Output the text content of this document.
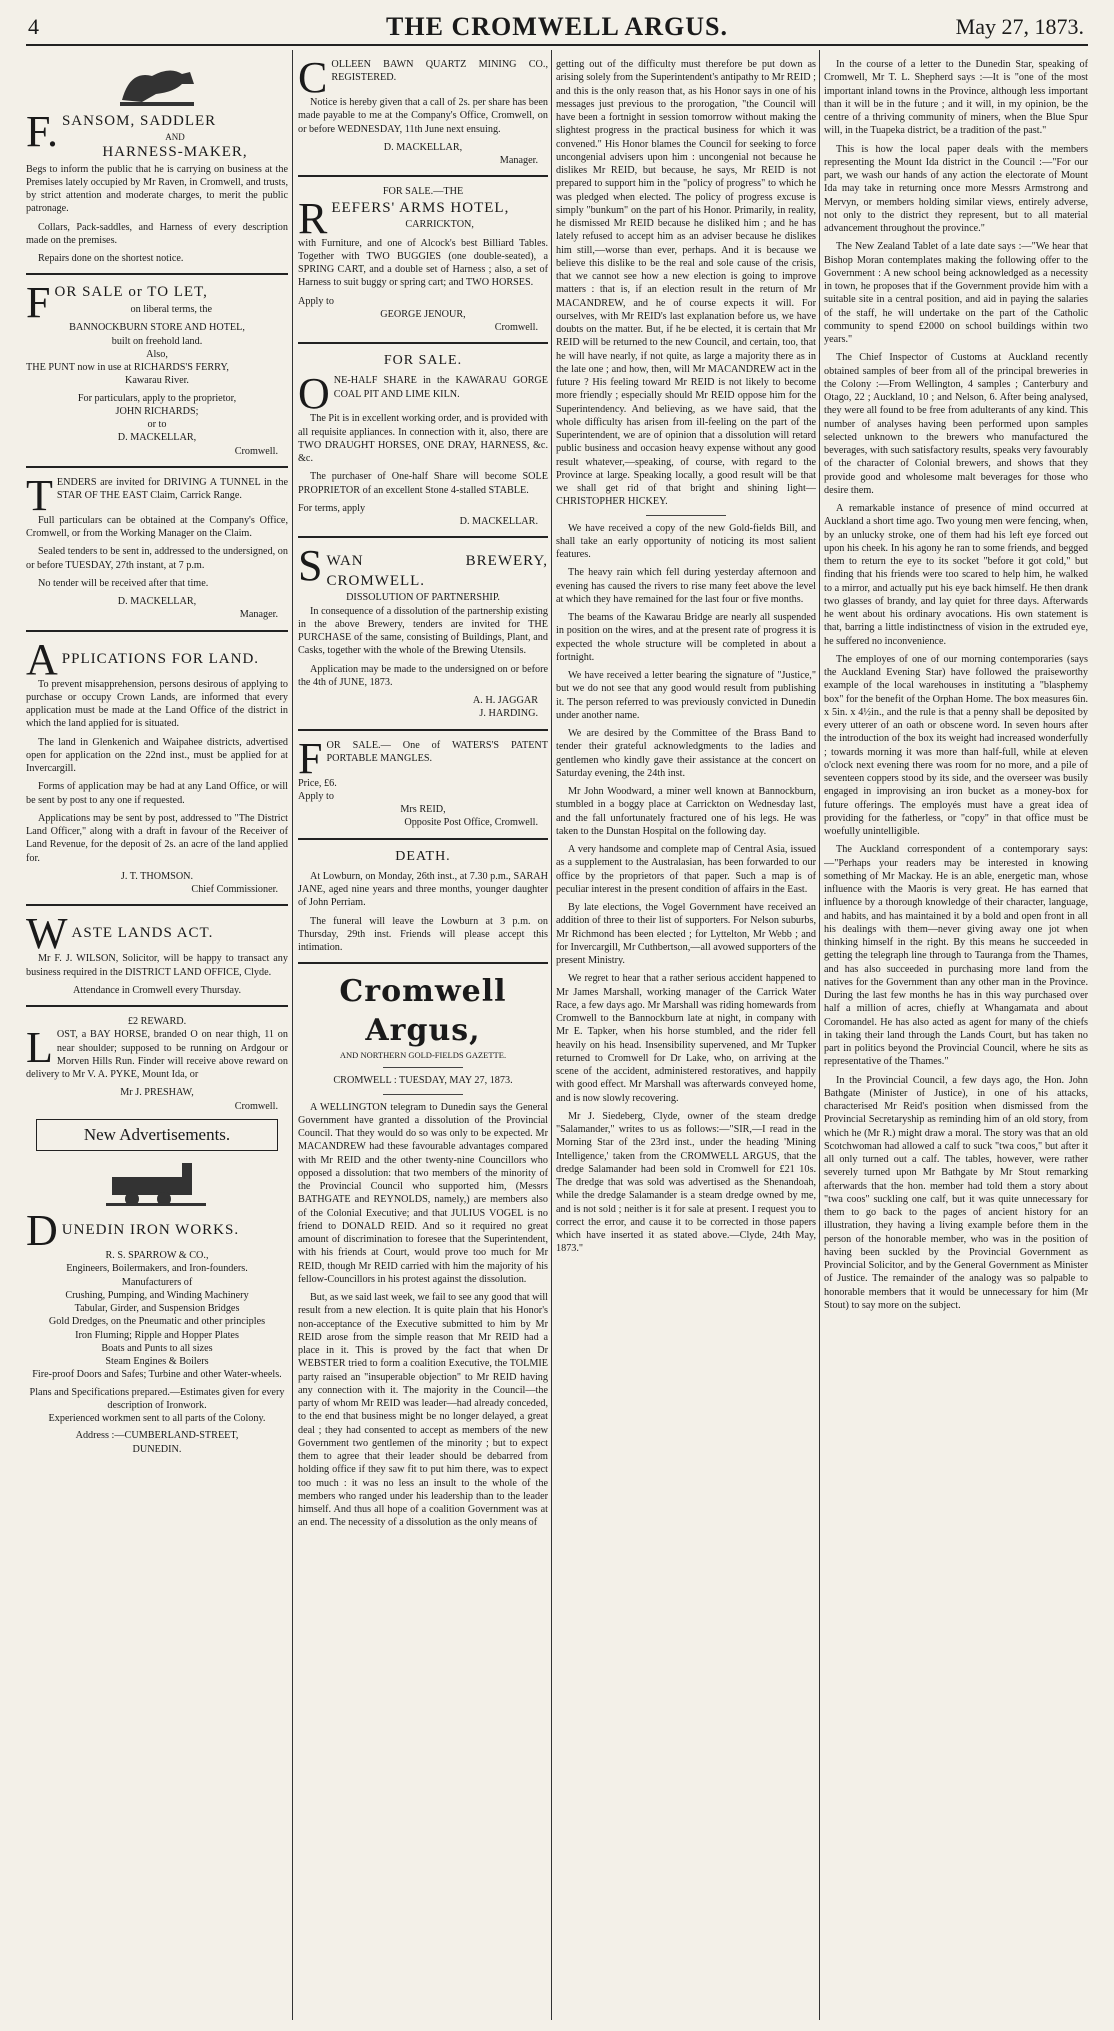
4	THE CROMWELL ARGUS.	May 27, 1873.
F. SANSOM, SADDLER
AND
HARNESS-MAKER,

Begs to inform the public that he is carrying on business at the Premises lately occupied by Mr Raven, in Cromwell, and trusts, by strict attention and moderate charges, to merit the public patronage.

Collars, Pack-saddles, and Harness of every description made on the premises.

Repairs done on the shortest notice.

F OR SALE or TO LET,
on liberal terms, the
BANNOCKBURN STORE AND HOTEL,
built on freehold land.
Also,
THE PUNT now in use at RICHARDS'S FERRY,
Kawarau River.
For particulars, apply to the proprietor,
JOHN RICHARDS;
or to
D. MACKELLAR,
Cromwell.
T ENDERS are invited for DRIVING A TUNNEL in the STAR OF THE EAST Claim, Carrick Range.

Full particulars can be obtained at the Company's Office, Cromwell, or from the Working Manager on the Claim.

Sealed tenders to be sent in, addressed to the undersigned, on or before TUESDAY, 27th instant, at 7 p.m.

No tender will be received after that time.

D. MACKELLAR,
Manager.
A PPLICATIONS FOR LAND.

To prevent misapprehension, persons desirous of applying to purchase or occupy Crown Lands, are informed that every application must be made at the Land Office of the district in which the land applied for is situated.

The land in Glenkenich and Waipahee districts, advertised open for application on the 22nd inst., must be applied for at Invercargill.

Forms of application may be had at any Land Office, or will be sent by post to any one if requested.

Applications may be sent by post, addressed to "The District Land Officer," along with a draft in favour of the Receiver of Land Revenue, for the deposit of 2s. an acre of the land applied for.

J. T. THOMSON.
Chief Commissioner.
W ASTE LANDS ACT.

Mr F. J. WILSON, Solicitor, will be happy to transact any business required in the DISTRICT LAND OFFICE, Clyde.

Attendance in Cromwell every Thursday.

£2 REWARD.
L OST, a BAY HORSE, branded O on near thigh, 11 on near shoulder; supposed to be running on Ardgour or Morven Hills Run. Finder will receive above reward on delivery to Mr V. A. PYKE, Mount Ida, or

Mr J. PRESHAW,
Cromwell.
New Advertisements.
D UNEDIN IRON WORKS.
R. S. SPARROW & CO.,
Engineers, Boilermakers, and Iron-founders.
Manufacturers of
Crushing, Pumping, and Winding Machinery
Tabular, Girder, and Suspension Bridges
Gold Dredges, on the Pneumatic and other principles
Iron Fluming; Ripple and Hopper Plates
Boats and Punts to all sizes
Steam Engines & Boilers
Fire-proof Doors and Safes; Turbine and other Water-wheels.
Plans and Specifications prepared.—Estimates given for every description of Ironwork.
Experienced workmen sent to all parts of the Colony.
Address :—CUMBERLAND-STREET,
DUNEDIN.
C OLLEEN BAWN QUARTZ MINING CO., REGISTERED.

Notice is hereby given that a call of 2s. per share has been made payable to me at the Company's Office, Cromwell, on or before WEDNESDAY, 11th June next ensuing.

D. MACKELLAR,
Manager.
FOR SALE.—THE
R EEFERS' ARMS HOTEL,
CARRICKTON,

with Furniture, and one of Alcock's best Billiard Tables. Together with TWO BUGGIES (one double-seated), a SPRING CART, and a double set of Harness ; also, a set of Harness to suit buggy or spring cart; and TWO HORSES.

Apply to
GEORGE JENOUR,
Cromwell.
FOR SALE.
O NE-HALF SHARE in the KAWARAU GORGE COAL PIT AND LIME KILN.

The Pit is in excellent working order, and is provided with all requisite appliances. In connection with it, also, there are TWO DRAUGHT HORSES, ONE DRAY, HARNESS, &c. &c.

The purchaser of One-half Share will become SOLE PROPRIETOR of an excellent Stone 4-stalled STABLE.

For terms, apply
D. MACKELLAR.
S WAN BREWERY, CROMWELL.
DISSOLUTION OF PARTNERSHIP.

In consequence of a dissolution of the partnership existing in the above Brewery, tenders are invited for THE PURCHASE of the same, consisting of Buildings, Plant, and Casks, together with the whole of the Brewing Utensils.

Application may be made to the undersigned on or before the 4th of JUNE, 1873.

A. H. JAGGAR
J. HARDING.
F OR SALE.— One of WATERS'S PATENT PORTABLE MANGLES.

Price, £6.
Apply to
Mrs REID,
Opposite Post Office, Cromwell.
DEATH.

At Lowburn, on Monday, 26th inst., at 7.30 p.m., SARAH JANE, aged nine years and three months, younger daughter of John Perriam.

The funeral will leave the Lowburn at 3 p.m. on Thursday, 29th inst. Friends will please accept this intimation.

Cromwell Argus,
AND NORTHERN GOLD-FIELDS GAZETTE.
CROMWELL : TUESDAY, MAY 27, 1873.

A WELLINGTON telegram to Dunedin says the General Government have granted a dissolution of the Provincial Council. That they would do so was only to be expected. Mr MACANDREW had these favourable advantages compared with Mr REID and the other twenty-nine Councillors who opposed a dissolution: that two members of the minority of the Provincial Council who supported him, (Messrs BATHGATE and REYNOLDS, namely,) are members also of the Colonial Executive; and that JULIUS VOGEL is no friend to DONALD REID. And so it required no great amount of discrimination to foresee that the Superintendent, with his friends at Court, would prove too much for Mr REID, though Mr REID carried with him the majority of his fellow-Councillors in his protest against the dissolution.

But, as we said last week, we fail to see any good that will result from a new election. It is quite plain that his Honor's non-acceptance of the Executive submitted to him by Mr REID arose from the simple reason that Mr REID had a place in it. This is proved by the fact that when Dr WEBSTER tried to form a coalition Executive, the TOLMIE party raised an "insuperable objection" to Mr REID having any connection with it. The majority in the Council—the party of whom Mr REID was leader—had already conceded, to the end that business might be no longer delayed, a great deal ; they had consented to accept as members of the new Government two gentlemen of the minority ; but to expect them to agree that their leader should be debarred from holding office if they saw fit to put him there, was to expect too much : it was no less an insult to the whole of the members who ranged under his leadership than to the leader himself. And thus all hope of a coalition Government was at an end. The necessity of a dissolution as the only means of

getting out of the difficulty must therefore be put down as arising solely from the Superintendent's antipathy to Mr REID ; and this is the only reason that, as his Honor says in one of his messages just previous to the prorogation, "the Council will have been a fortnight in session tomorrow without making the slightest progress in the practical business for which it was convened." His Honor blames the Council for seeking to force uncongenial advisers upon him : uncongenial not because he dislikes Mr REID, but because, he says, Mr REID is not prepared to support him in the "policy of progress" to which he was pledged when elected. The policy of progress excuse is simply "bunkum" on the part of his Honor. Primarily, in reality, he dismissed Mr REID because he disliked him ; and he has lately refused to accept him as an adviser because he dislikes him still,—worse than ever, perhaps. And it is because we believe this dislike to be the real and sole cause of the crisis, that we cannot see how a new election is going to improve matters : that is, if an election result in the return of Mr MACANDREW, and he of course expects it will. For ourselves, with Mr REID's last explanation before us, we have doubts on the matter. But, if he be elected, it is certain that Mr REID will be returned to the new Council, and certain, too, that he will have nearly, if not quite, as large a majority there as in the late one ; and how, then, will Mr MACANDREW act in the future ? His feeling toward Mr REID is not likely to become more friendly ; especially should Mr REID oppose him for the Superintendency. And believing, as we have said, that the whole difficulty has arisen from ill-feeling on the part of the Superintendent, we are of opinion that a dissolution will retard public business and occasion heavy expense without any good result whatever,—speaking, of course, with regard to the Province at large. Speaking locally, a good result will be that we shall get rid of that bright and shining light—CHRISTOPHER HICKEY.

We have received a copy of the new Gold-fields Bill, and shall take an early opportunity of noticing its most salient features.

The heavy rain which fell during yesterday afternoon and evening has caused the rivers to rise many feet above the level at which they have remained for the last four or five months.

The beams of the Kawarau Bridge are nearly all suspended in position on the wires, and at the present rate of progress it is expected the whole structure will be completed in about a fortnight.

We have received a letter bearing the signature of "Justice," but we do not see that any good would result from publishing it. The person referred to was previously convicted in Dunedin under another name.

We are desired by the Committee of the Brass Band to tender their grateful acknowledgments to the ladies and gentlemen who kindly gave their assistance at the concert on Saturday evening, the 24th inst.

Mr John Woodward, a miner well known at Bannockburn, stumbled in a boggy place at Carrickton on Wednesday last, and the fall unfortunately fractured one of his legs. He was taken to the Dunstan Hospital on the following day.

A very handsome and complete map of Central Asia, issued as a supplement to the Australasian, has been forwarded to our office by the proprietors of that paper. Such a map is of peculiar interest in the present condition of affairs in the East.

By late elections, the Vogel Government have received an addition of three to their list of supporters. For Nelson suburbs, Mr Richmond has been elected ; for Lyttelton, Mr Webb ; and for Invercargill, Mr Cuthbertson,—all avowed supporters of the present Ministry.

We regret to hear that a rather serious accident happened to Mr James Marshall, working manager of the Carrick Water Race, a few days ago. Mr Marshall was riding homewards from Cromwell to the Bannockburn late at night, in company with Mr E. Tapker, when his horse stumbled, and the rider fell heavily on his head. Insensibility supervened, and Mr Tupker returned to Cromwell for Dr Lake, who, on arriving at the scene of the accident, administered restoratives, and happily with good effect. Mr Marshall was afterwards conveyed home, and is now slowly recovering.

Mr J. Siedeberg, Clyde, owner of the steam dredge "Salamander," writes to us as follows:—"SIR,—I read in the Morning Star of the 23rd inst., under the heading 'Mining Intelligence,' taken from the CROMWELL ARGUS, that the dredge Salamander had been sold in Cromwell for £21 10s. The dredge that was sold was advertised as the Shenandoah, while the dredge Salamander is a steam dredge owned by me, and is not sold ; neither is it for sale at present. I request you to correct the error, and cause it to be corrected in those papers which have inserted it as stated above.—Clyde, 24th May, 1873."

In the course of a letter to the Dunedin Star, speaking of Cromwell, Mr T. L. Shepherd says :—It is "one of the most important inland towns in the Province, although less important than it will be in the future ; and it will, in my opinion, be the centre of a thriving community of miners, when the Blue Spur will, in the Tuapeka district, be a tradition of the past."

This is how the local paper deals with the members representing the Mount Ida district in the Council :—"For our part, we wash our hands of any action the electorate of Mount Ida may take in returning once more Messrs Armstrong and Mervyn, or members holding similar views, entirely adverse, not only to the district they represent, but to all material advancement throughout the province."

The New Zealand Tablet of a late date says :—"We hear that Bishop Moran contemplates making the following offer to the Government : A new school being acknowledged as a necessity in town, he proposes that if the Government provide him with a suitable site in a central position, and aid in paying the salaries of the staff, he will undertake on the part of the Catholic community to spend £2000 on school buildings within two years."

The Chief Inspector of Customs at Auckland recently obtained samples of beer from all of the principal breweries in the Colony :—From Wellington, 4 samples ; Canterbury and Otago, 22 ; Auckland, 10 ; and Nelson, 6. After being analysed, they were all found to be free from adulterants of any kind. This number of analyses having been performed upon samples selected unknown to the brewers who manufactured the beverages, with such satisfactory results, speaks very favourably of the character of Colonial brewers, and shows that they provide good and wholesome malt beverages for those who desire them.

A remarkable instance of presence of mind occurred at Auckland a short time ago. Two young men were fencing, when, by an unlucky stroke, one of them had his left eye forced out upon his cheek. In his agony he ran to some friends, and begged them to return the eye to its socket "before it got cold," but finding that his friends were too scared to help him, he walked to a mirror, and actually put his eye back himself. He then drank two glasses of brandy, and lay quiet for three days. Afterwards he went about his ordinary avocations. His own statement is that, barring a little indistinctness of vision in the extruded eye, he suffered no inconvenience.

The employes of one of our morning contemporaries (says the Auckland Evening Star) have followed the praiseworthy example of the local warehouses in instituting a "blasphemy box" for the benefit of the Orphan Home. The box measures 6in. x 5in. x 4½in., and the rule is that a penny shall be deposited by every utterer of an oath or obscene word. In seven hours after the introduction of the box its weight had increased wonderfully ; towards morning it was more than half-full, while at eleven o'clock next evening there was room for no more, and a pile of seventeen coppers stood by its side, and the overseer was busily engaged in improvising an iron bucket as a money-box for future offerings. The employés must have a great idea of providing for the fatherless, or "copy" in that office must be woefully unintelligible.

The Auckland correspondent of a contemporary says:—"Perhaps your readers may be interested in knowing something of Mr Mackay. He is an able, energetic man, whose influence with the Maoris is very great. He has earned that influence by a thorough knowledge of their character, language, and habits, and has maintained it by a bold and open front in all his dealings with them—never giving away one jot when thinking himself in the right. By this means he succeeded in getting the telegraph line through to Tauranga from the Thames, and has also succeeded in purchasing more land from the natives for the Government than any other man in the Province. During the last few months he has in this way purchased over half a million of acres, chiefly at Whangamata and about Coromandel. He has also acted as agent for many of the chiefs in taking their land through the Lands Court, but has taken no part in politics beyond the Provincial Council, where he sits as representative of the Thames."

In the Provincial Council, a few days ago, the Hon. John Bathgate (Minister of Justice), in one of his attacks, characterised Mr Reid's position when dismissed from the Provincial Secretaryship as reminding him of an old story, from which he (Mr R.) might draw a moral. The story was that an old Scotchwoman had allowed a calf to suck "twa coos," but after it all only turned out a calf. The tables, however, were rather severely turned upon Mr Bathgate by Mr Stout remarking afterwards that the hon. member had told them a story about "twa coos" suckling one calf, but it was quite unnecessary for them to go back to the pages of ancient history for an illustration, they having a living example before them in the person of the honorable member, who was in the position of having been suckled by the Provincial Government as Provincial Solicitor, and by the General Government as Minister of Justice. The remainder of the analogy was so palpable to honorable members that it would be unnecessary for him (Mr Stout) to say more on the subject.
